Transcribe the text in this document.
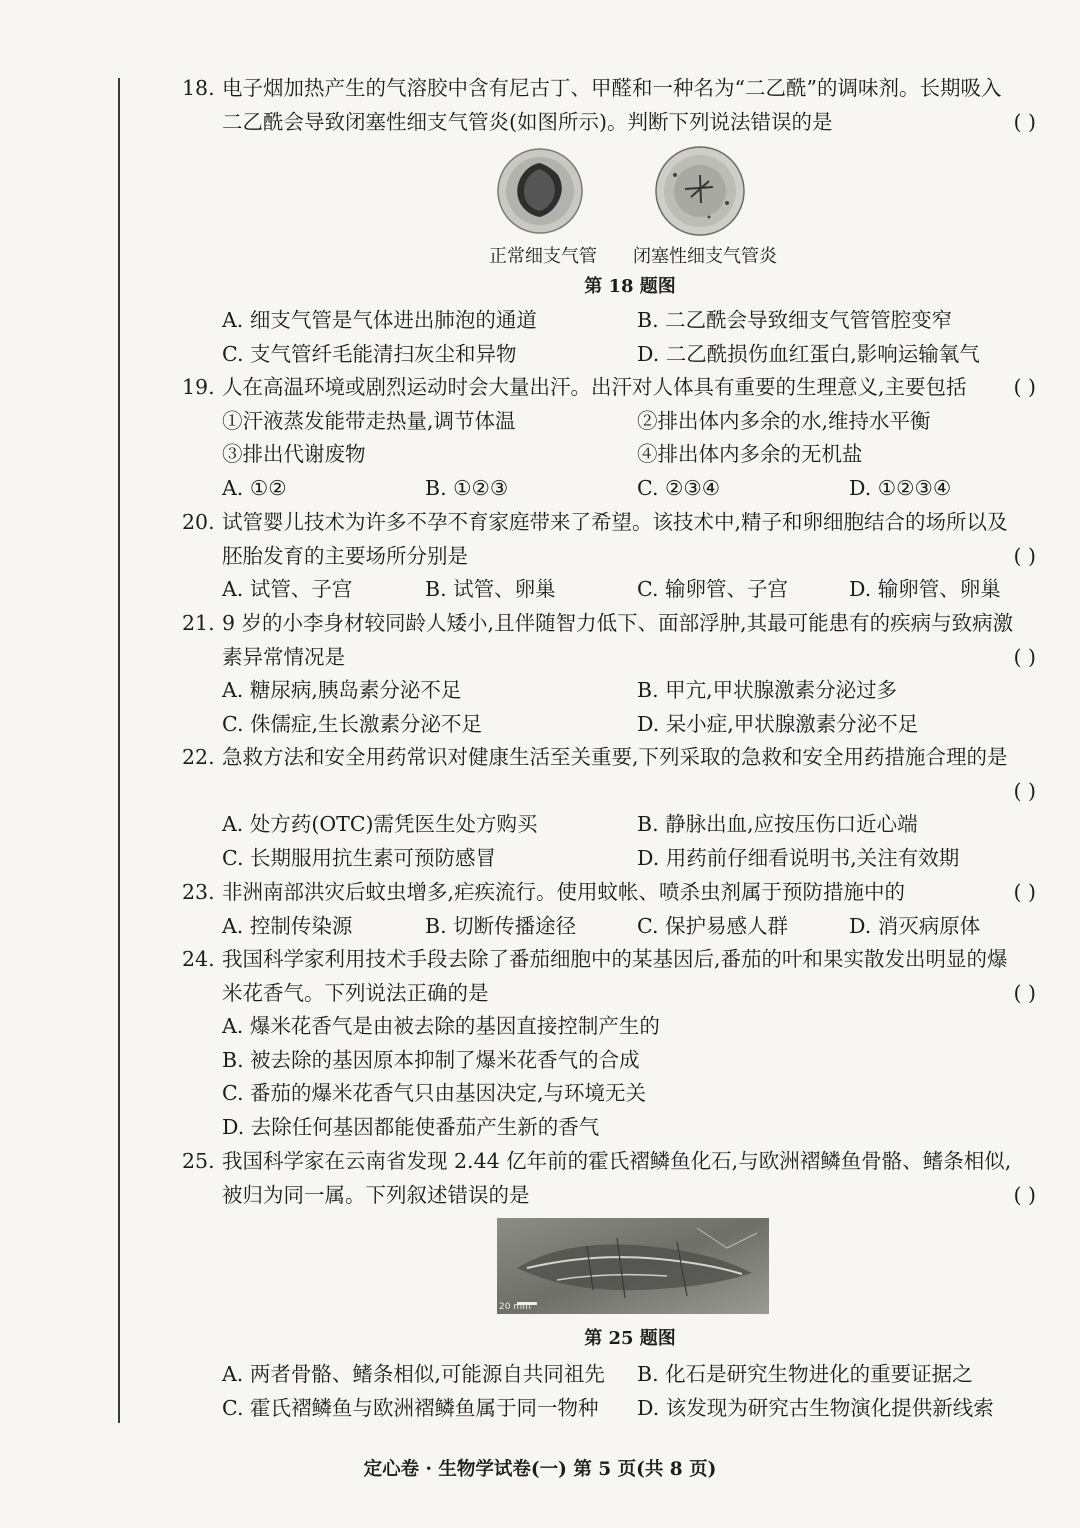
18. 电子烟加热产生的气溶胶中含有尼古丁、甲醛和一种名为“二乙酰”的调味剂。长期吸入
二乙酰会导致闭塞性细支气管炎(如图所示)。判断下列说法错误的是	( )
正常细支气管	闭塞性细支气管炎
第 18 题图
A. 细支气管是气体进出肺泡的通道	B. 二乙酰会导致细支气管管腔变窄
C. 支气管纤毛能清扫灰尘和异物	D. 二乙酰损伤血红蛋白,影响运输氧气
19. 人在高温环境或剧烈运动时会大量出汗。出汗对人体具有重要的生理意义,主要包括 ( )
①汗液蒸发能带走热量,调节体温	②排出体内多余的水,维持水平衡
③排出代谢废物	④排出体内多余的无机盐
A. ①②	B. ①②③	C. ②③④	D. ①②③④
20. 试管婴儿技术为许多不孕不育家庭带来了希望。该技术中,精子和卵细胞结合的场所以及
胚胎发育的主要场所分别是	( )
A. 试管、子宫	B. 试管、卵巢	C. 输卵管、子宫	D. 输卵管、卵巢
21. 9 岁的小李身材较同龄人矮小,且伴随智力低下、面部浮肿,其最可能患有的疾病与致病激
素异常情况是	( )
A. 糖尿病,胰岛素分泌不足	B. 甲亢,甲状腺激素分泌过多
C. 侏儒症,生长激素分泌不足	D. 呆小症,甲状腺激素分泌不足
22. 急救方法和安全用药常识对健康生活至关重要,下列采取的急救和安全用药措施合理的是
( )
A. 处方药(OTC)需凭医生处方购买	B. 静脉出血,应按压伤口近心端
C. 长期服用抗生素可预防感冒	D. 用药前仔细看说明书,关注有效期
23. 非洲南部洪灾后蚊虫增多,疟疾流行。使用蚊帐、喷杀虫剂属于预防措施中的	( )
A. 控制传染源	B. 切断传播途径	C. 保护易感人群	D. 消灭病原体
24. 我国科学家利用技术手段去除了番茄细胞中的某基因后,番茄的叶和果实散发出明显的爆
米花香气。下列说法正确的是	( )
A. 爆米花香气是由被去除的基因直接控制产生的
B. 被去除的基因原本抑制了爆米花香气的合成
C. 番茄的爆米花香气只由基因决定,与环境无关
D. 去除任何基因都能使番茄产生新的香气
25. 我国科学家在云南省发现 2.44 亿年前的霍氏褶鳞鱼化石,与欧洲褶鳞鱼骨骼、鳍条相似,
被归为同一属。下列叙述错误的是	( )
20 mm
第 25 题图
A. 两者骨骼、鳍条相似,可能源自共同祖先 B. 化石是研究生物进化的重要证据之
C. 霍氏褶鳞鱼与欧洲褶鳞鱼属于同一物种 D. 该发现为研究古生物演化提供新线索
定心卷 · 生物学试卷(一) 第 5 页(共 8 页)
